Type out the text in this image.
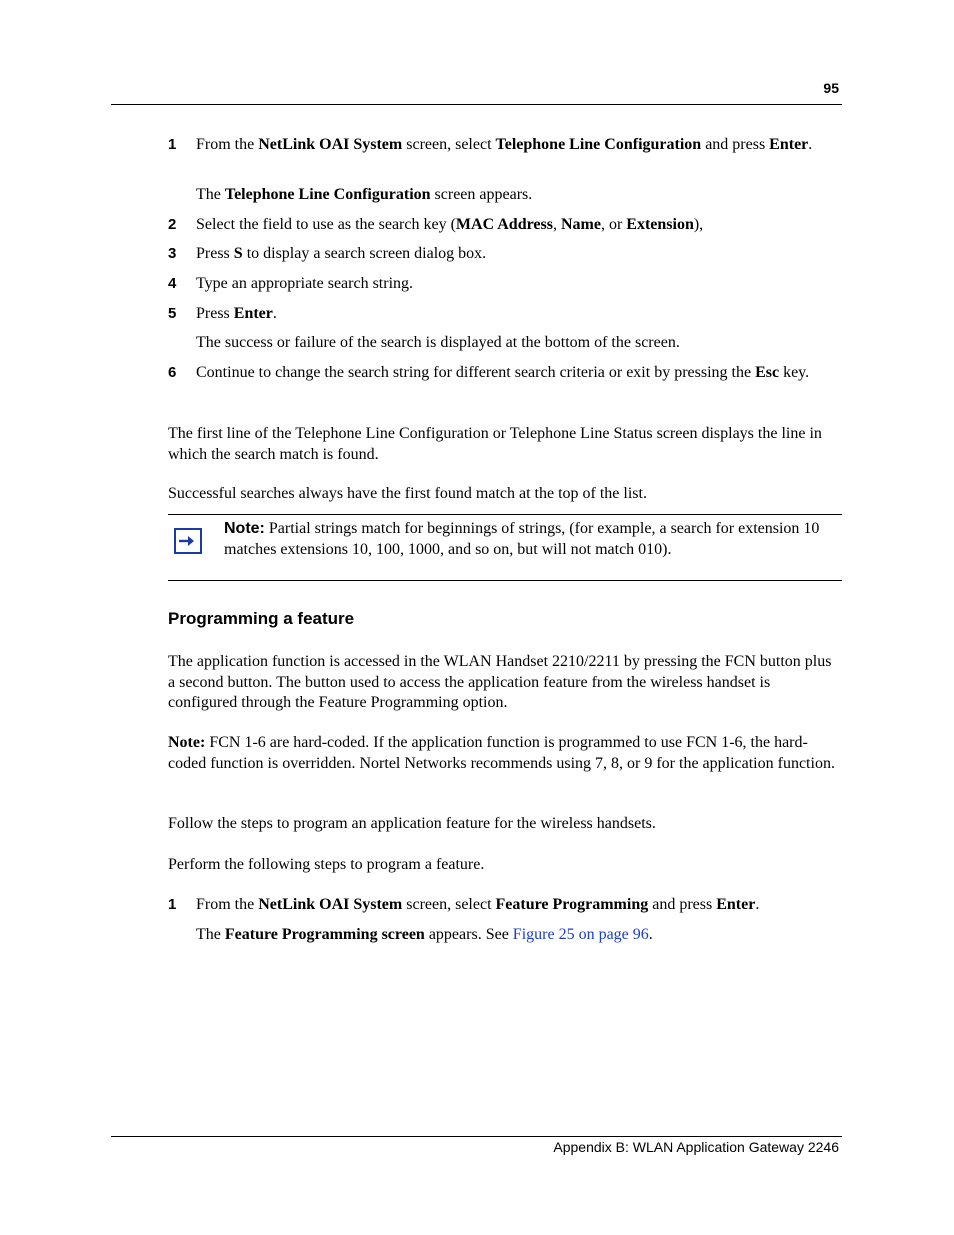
95
1	From the NetLink OAI System screen, select Telephone Line Configuration and press Enter.
The Telephone Line Configuration screen appears.
2	Select the field to use as the search key (MAC Address, Name, or Extension),
3	Press S to display a search screen dialog box.
4	Type an appropriate search string.
5	Press Enter.
The success or failure of the search is displayed at the bottom of the screen.
6	Continue to change the search string for different search criteria or exit by pressing the Esc key.
The first line of the Telephone Line Configuration or Telephone Line Status screen displays the line in which the search match is found.
Successful searches always have the first found match at the top of the list.
Note: Partial strings match for beginnings of strings, (for example, a search for extension 10 matches extensions 10, 100, 1000, and so on, but will not match 010).
Programming a feature
The application function is accessed in the WLAN Handset 2210/2211 by pressing the FCN button plus a second button. The button used to access the application feature from the wireless handset is configured through the Feature Programming option.
Note: FCN 1-6 are hard-coded. If the application function is programmed to use FCN 1-6, the hard-coded function is overridden. Nortel Networks recommends using 7, 8, or 9 for the application function.
Follow the steps to program an application feature for the wireless handsets.
Perform the following steps to program a feature.
1	From the NetLink OAI System screen, select Feature Programming and press Enter.
The Feature Programming screen appears. See Figure 25 on page 96.
Appendix B: WLAN Application Gateway 2246
